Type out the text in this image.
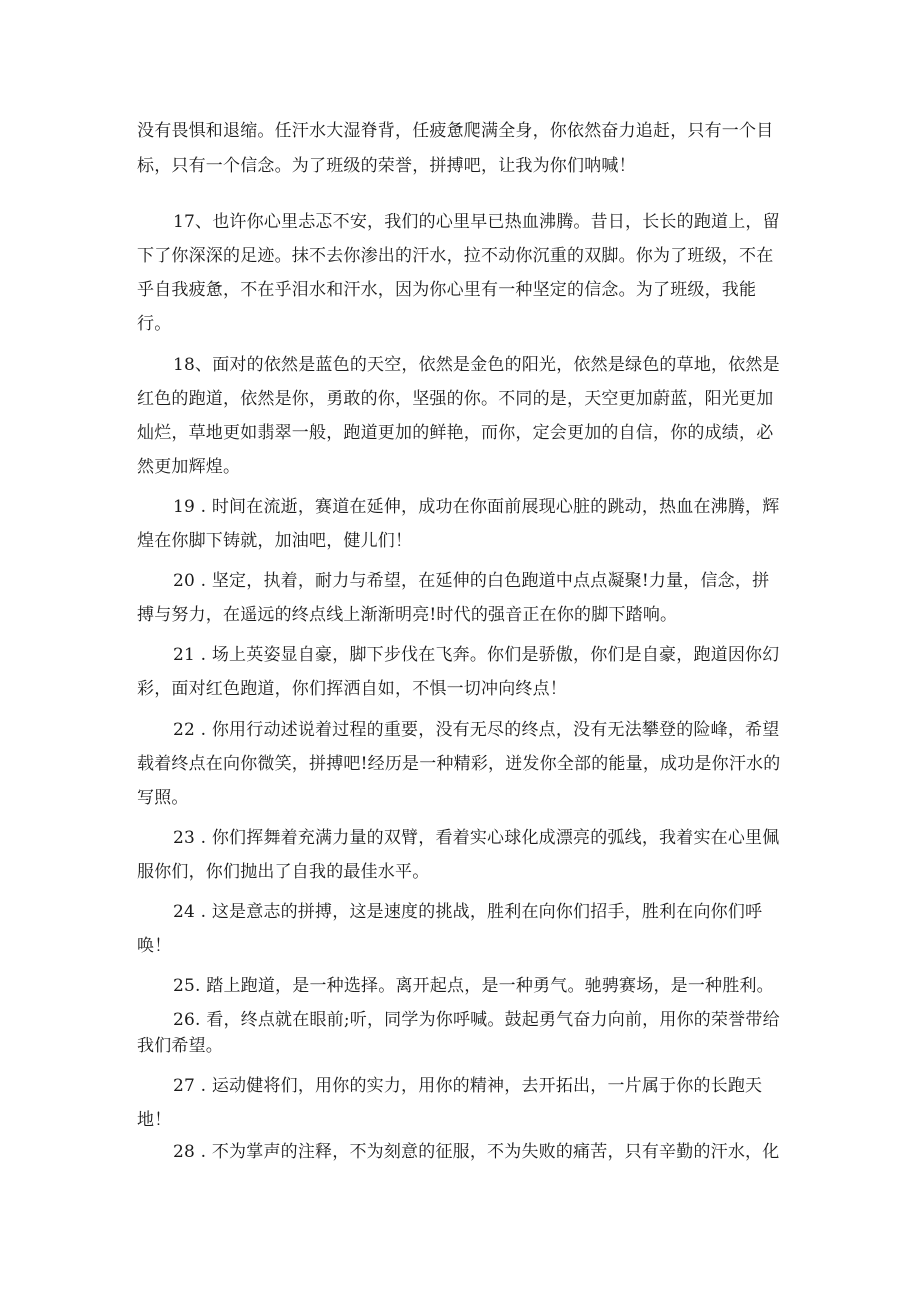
没有畏惧和退缩。任汗水大湿脊背，任疲惫爬满全身，你依然奋力追赶，只有一个目
标，只有一个信念。为了班级的荣誉，拼搏吧，让我为你们呐喊！
17、也许你心里忐忑不安，我们的心里早已热血沸腾。昔日，长长的跑道上，留
下了你深深的足迹。抹不去你渗出的汗水，拉不动你沉重的双脚。你为了班级，不在
乎自我疲惫，不在乎泪水和汗水，因为你心里有一种坚定的信念。为了班级，我能
行。
18、面对的依然是蓝色的天空，依然是金色的阳光，依然是绿色的草地，依然是
红色的跑道，依然是你，勇敢的你，坚强的你。不同的是，天空更加蔚蓝，阳光更加
灿烂，草地更如翡翠一般，跑道更加的鲜艳，而你，定会更加的自信，你的成绩，必
然更加辉煌。
19 . 时间在流逝，赛道在延伸，成功在你面前展现心脏的跳动，热血在沸腾，辉
煌在你脚下铸就，加油吧，健儿们！
20 . 坚定，执着，耐力与希望，在延伸的白色跑道中点点凝聚!力量，信念，拼
搏与努力，在遥远的终点线上渐渐明亮!时代的强音正在你的脚下踏响。
21 . 场上英姿显自豪，脚下步伐在飞奔。你们是骄傲，你们是自豪，跑道因你幻
彩，面对红色跑道，你们挥洒自如，不惧一切冲向终点！
22 . 你用行动述说着过程的重要，没有无尽的终点，没有无法攀登的险峰，希望
载着终点在向你微笑，拼搏吧!经历是一种精彩，迸发你全部的能量，成功是你汗水的
写照。
23 . 你们挥舞着充满力量的双臂，看着实心球化成漂亮的弧线，我着实在心里佩
服你们，你们抛出了自我的最佳水平。
24 . 这是意志的拼搏，这是速度的挑战，胜利在向你们招手，胜利在向你们呼
唤！
25. 踏上跑道，是一种选择。离开起点，是一种勇气。驰骋赛场，是一种胜利。
26. 看，终点就在眼前;听，同学为你呼喊。鼓起勇气奋力向前，用你的荣誉带给
我们希望。
27 . 运动健将们，用你的实力，用你的精神，去开拓出，一片属于你的长跑天
地！
28 . 不为掌声的注释，不为刻意的征服，不为失败的痛苦，只有辛勤的汗水，化
